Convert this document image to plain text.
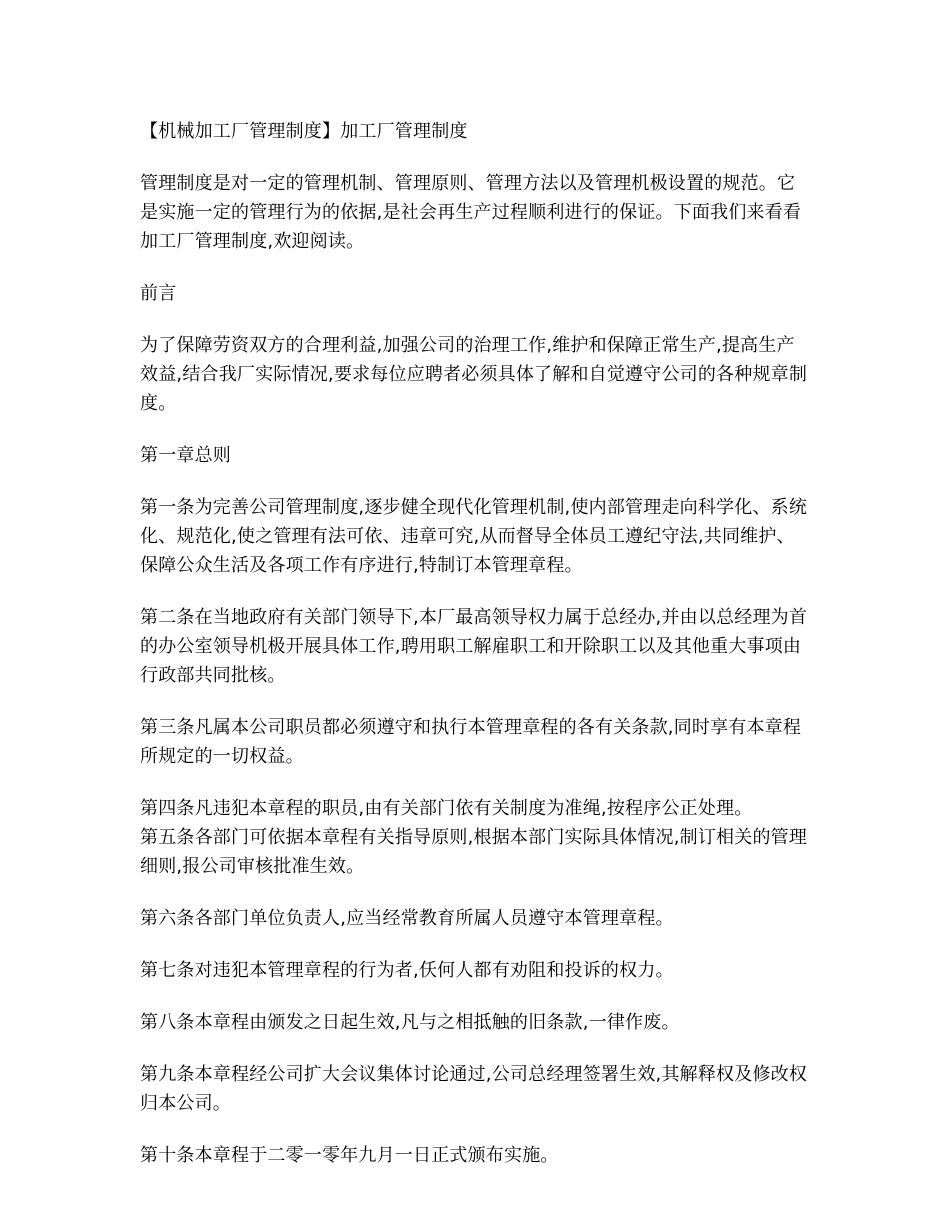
【机械加工厂管理制度】加工厂管理制度

管理制度是对一定的管理机制、管理原则、管理方法以及管理机极设置的规范。它是实施一定的管理行为的依据,是社会再生产过程顺利进行的保证。下面我们来看看加工厂管理制度,欢迎阅读。

前言

为了保障劳资双方的合理利益,加强公司的治理工作,维护和保障正常生产,提高生产效益,结合我厂实际情况,要求每位应聘者必须具体了解和自觉遵守公司的各种规章制度。

第一章总则

第一条为完善公司管理制度,逐步健全现代化管理机制,使内部管理走向科学化、系统化、规范化,使之管理有法可依、违章可究,从而督导全体员工遵纪守法,共同维护、保障公众生活及各项工作有序进行,特制订本管理章程。

第二条在当地政府有关部门领导下,本厂最高领导权力属于总经办,并由以总经理为首的办公室领导机极开展具体工作,聘用职工解雇职工和开除职工以及其他重大事项由行政部共同批核。

第三条凡属本公司职员都必须遵守和执行本管理章程的各有关条款,同时享有本章程所规定的一切权益。

第四条凡违犯本章程的职员,由有关部门依有关制度为准绳,按程序公正处理。

第五条各部门可依据本章程有关指导原则,根据本部门实际具体情况,制订相关的管理细则,报公司审核批准生效。

第六条各部门单位负责人,应当经常教育所属人员遵守本管理章程。

第七条对违犯本管理章程的行为者,仸何人都有劝阻和投诉的权力。

第八条本章程由颁发之日起生效,凡与之相抵触的旧条款,一律作废。

第九条本章程经公司扩大会议集体讨论通过,公司总经理签署生效,其解释权及修改权归本公司。

第十条本章程于二零一零年九月一日正式颁布实施。
